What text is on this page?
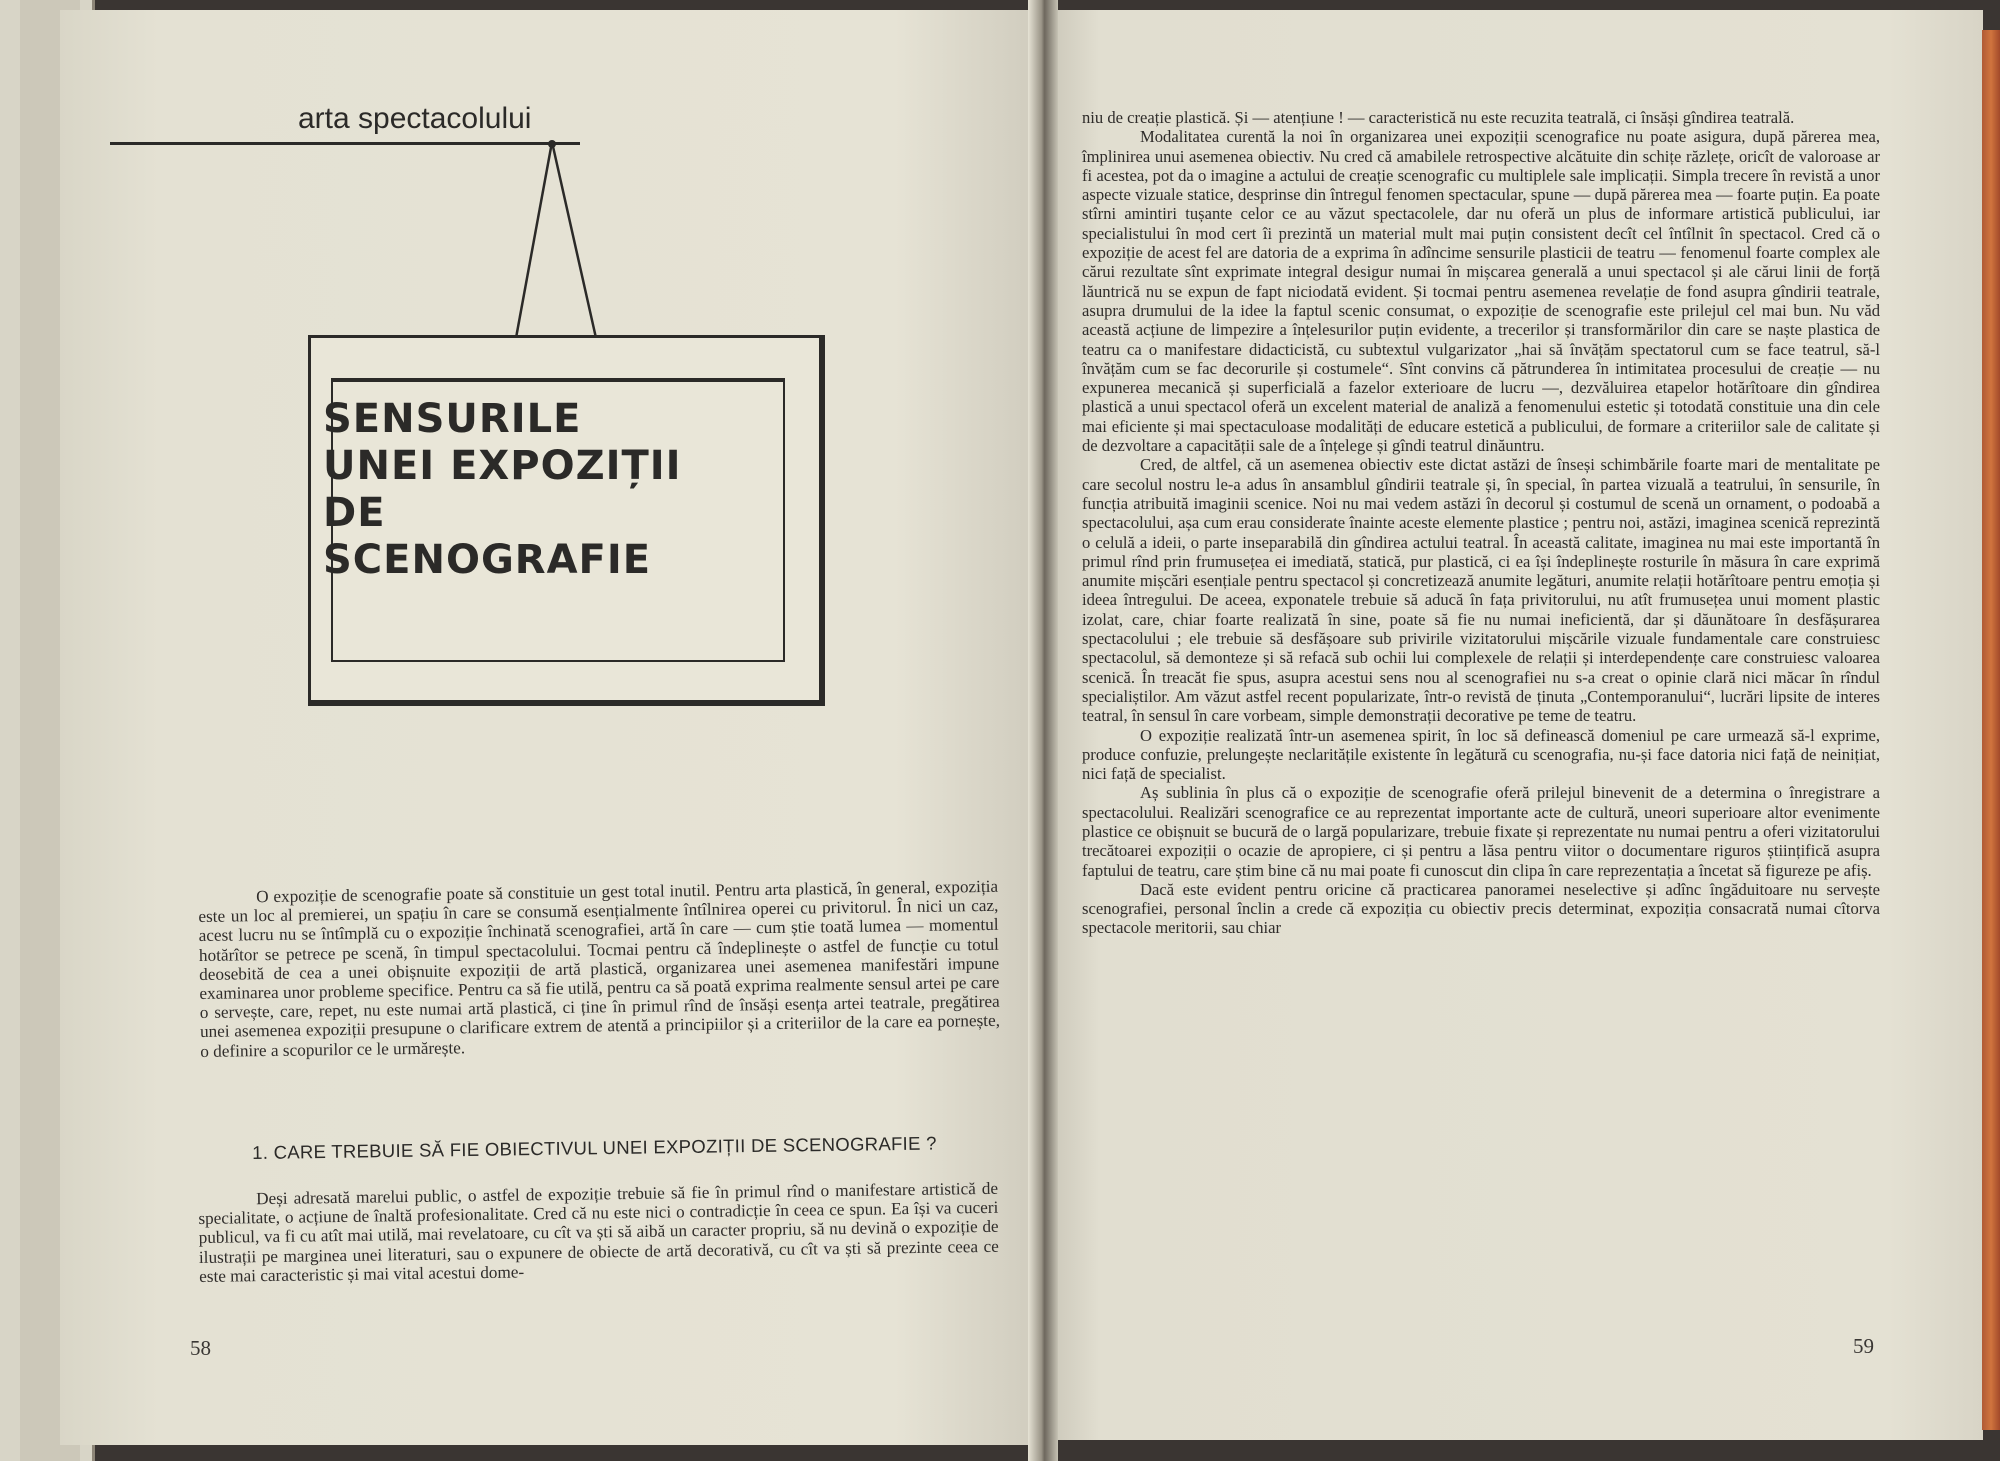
arta spectacolului
SENSURILE
UNEI EXPOZIȚII
DE
SCENOGRAFIE

O expoziție de scenografie poate să constituie un gest total inutil. Pentru arta plastică, în general, expoziția este un loc al premierei, un spațiu în care se consumă esențialmente întîlnirea operei cu privitorul. În nici un caz, acest lucru nu se întîmplă cu o expoziție închinată scenografiei, artă în care — cum știe toată lumea — momentul hotărîtor se petrece pe scenă, în timpul spectacolului. Tocmai pentru că îndeplinește o astfel de funcție cu totul deosebită de cea a unei obișnuite expoziții de artă plastică, organizarea unei asemenea manifestări impune examinarea unor probleme specifice. Pentru ca să fie utilă, pentru ca să poată exprima realmente sensul artei pe care o servește, care, repet, nu este numai artă plastică, ci ține în primul rînd de însăși esența artei teatrale, pregătirea unei asemenea expoziții presupune o clarificare extrem de atentă a principiilor și a criteriilor de la care ea pornește, o definire a scopurilor ce le urmărește.

1. CARE TREBUIE SĂ FIE OBIECTIVUL UNEI EXPOZIȚII DE SCENOGRAFIE ?

Deși adresată marelui public, o astfel de expoziție trebuie să fie în primul rînd o manifestare artistică de specialitate, o acțiune de înaltă profesionalitate. Cred că nu este nici o contradicție în ceea ce spun. Ea își va cuceri publicul, va fi cu atît mai utilă, mai revelatoare, cu cît va ști să aibă un caracter propriu, să nu devină o expoziție de ilustrații pe marginea unei literaturi, sau o expunere de obiecte de artă decorativă, cu cît va ști să prezinte ceea ce este mai caracteristic și mai vital acestui dome-

58

niu de creație plastică. Și — atențiune ! — caracteristică nu este recuzita teatrală, ci însăși gîndirea teatrală.

Modalitatea curentă la noi în organizarea unei expoziții scenografice nu poate asigura, după părerea mea, împlinirea unui asemenea obiectiv. Nu cred că amabilele retrospective alcătuite din schițe răzlețe, oricît de valoroase ar fi acestea, pot da o imagine a actului de creație scenografic cu multiplele sale implicații. Simpla trecere în revistă a unor aspecte vizuale statice, desprinse din întregul fenomen spectacular, spune — după părerea mea — foarte puțin. Ea poate stîrni amintiri tușante celor ce au văzut spectacolele, dar nu oferă un plus de informare artistică publicului, iar specialistului în mod cert îi prezintă un material mult mai puțin consistent decît cel întîlnit în spectacol. Cred că o expoziție de acest fel are datoria de a exprima în adîncime sensurile plasticii de teatru — fenomenul foarte complex ale cărui rezultate sînt exprimate integral desigur numai în mișcarea generală a unui spectacol și ale cărui linii de forță lăuntrică nu se expun de fapt niciodată evident. Și tocmai pentru asemenea revelație de fond asupra gîndirii teatrale, asupra drumului de la idee la faptul scenic consumat, o expoziție de scenografie este prilejul cel mai bun. Nu văd această acțiune de limpezire a înțelesurilor puțin evidente, a trecerilor și transformărilor din care se naște plastica de teatru ca o manifestare didacticistă, cu subtextul vulgarizator „hai să învățăm spectatorul cum se face teatrul, să-l învățăm cum se fac decorurile și costumele“. Sînt convins că pătrunderea în intimitatea procesului de creație — nu expunerea mecanică și superficială a fazelor exterioare de lucru —, dezvăluirea etapelor hotărîtoare din gîndirea plastică a unui spectacol oferă un excelent material de analiză a fenomenului estetic și totodată constituie una din cele mai eficiente și mai spectaculoase modalități de educare estetică a publicului, de formare a criteriilor sale de calitate și de dezvoltare a capacității sale de a înțelege și gîndi teatrul dinăuntru.

Cred, de altfel, că un asemenea obiectiv este dictat astăzi de înseși schimbările foarte mari de mentalitate pe care secolul nostru le-a adus în ansamblul gîndirii teatrale și, în special, în partea vizuală a teatrului, în sensurile, în funcția atribuită imaginii scenice. Noi nu mai vedem astăzi în decorul și costumul de scenă un ornament, o podoabă a spectacolului, așa cum erau considerate înainte aceste elemente plastice ; pentru noi, astăzi, imaginea scenică reprezintă o celulă a ideii, o parte inseparabilă din gîndirea actului teatral. În această calitate, imaginea nu mai este importantă în primul rînd prin frumusețea ei imediată, statică, pur plastică, ci ea își îndeplinește rosturile în măsura în care exprimă anumite mișcări esențiale pentru spectacol și concretizează anumite legături, anumite relații hotărîtoare pentru emoția și ideea întregului. De aceea, exponatele trebuie să aducă în fața privitorului, nu atît frumusețea unui moment plastic izolat, care, chiar foarte realizată în sine, poate să fie nu numai ineficientă, dar și dăunătoare în desfășurarea spectacolului ; ele trebuie să desfășoare sub privirile vizitatorului mișcările vizuale fundamentale care construiesc spectacolul, să demonteze și să refacă sub ochii lui complexele de relații și interdependențe care construiesc valoarea scenică. În treacăt fie spus, asupra acestui sens nou al scenografiei nu s-a creat o opinie clară nici măcar în rîndul specialiștilor. Am văzut astfel recent popularizate, într-o revistă de ținuta „Contemporanului“, lucrări lipsite de interes teatral, în sensul în care vorbeam, simple demonstrații decorative pe teme de teatru.

O expoziție realizată într-un asemenea spirit, în loc să definească domeniul pe care urmează să-l exprime, produce confuzie, prelungește neclaritățile existente în legătură cu scenografia, nu-și face datoria nici față de neinițiat, nici față de specialist.

Aș sublinia în plus că o expoziție de scenografie oferă prilejul binevenit de a determina o înregistrare a spectacolului. Realizări scenografice ce au reprezentat importante acte de cultură, uneori superioare altor evenimente plastice ce obișnuit se bucură de o largă popularizare, trebuie fixate și reprezentate nu numai pentru a oferi vizitatorului trecătoarei expoziții o ocazie de apropiere, ci și pentru a lăsa pentru viitor o documentare riguros științifică asupra faptului de teatru, care știm bine că nu mai poate fi cunoscut din clipa în care reprezentația a încetat să figureze pe afiș.

Dacă este evident pentru oricine că practicarea panoramei neselective și adînc îngăduitoare nu servește scenografiei, personal înclin a crede că expoziția cu obiectiv precis determinat, expoziția consacrată numai cîtorva spectacole meritorii, sau chiar

59
